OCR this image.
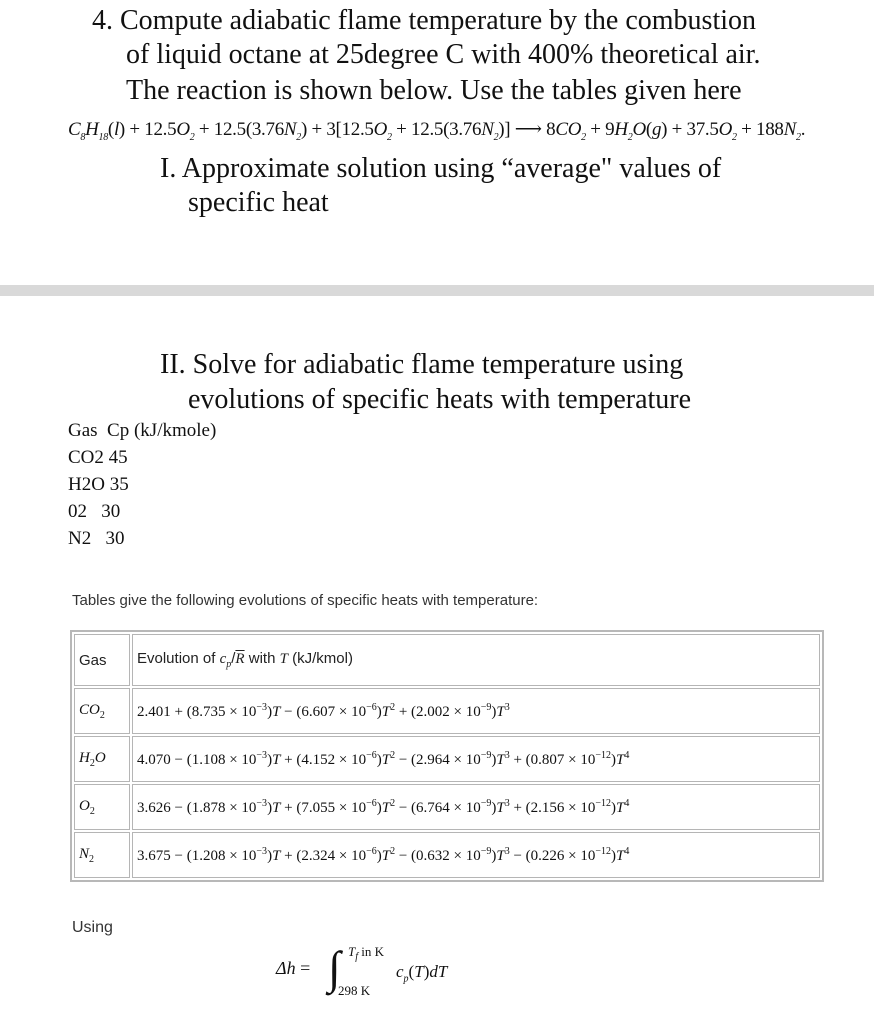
4. Compute adiabatic flame temperature by the combustion
of liquid octane at 25degree C with 400% theoretical air.
The reaction is shown below. Use the tables given here
$C_8H_{18}(l) + 12.5O_2 + 12.5(3.76N_2) + 3[12.5O_2 + 12.5(3.76N_2)]$ ⟶ $8CO_2 + 9H_2O(g) + 37.5O_2 + 188N_2$.
I. Approximate solution using “average" values of
specific heat
II. Solve for adiabatic flame temperature using
evolutions of specific heats with temperature
Gas  Cp (kJ/kmole)
CO2 45
H2O 35
02   30
N2   30
Tables give the following evolutions of specific heats with temperature:
Gas	Evolution of $c_p/\overline{R}$ with T (kJ/kmol)
$CO_2$	$2.401 + (8.735 \times 10^{-3})T - (6.607 \times 10^{-6})T^2 + (2.002 \times 10^{-9})T^3$
$H_2O$	$4.070 - (1.108 \times 10^{-3})T + (4.152 \times 10^{-6})T^2 - (2.964 \times 10^{-9})T^3 + (0.807 \times 10^{-12})T^4$
$O_2$	$3.626 - (1.878 \times 10^{-3})T + (7.055 \times 10^{-6})T^2 - (6.764 \times 10^{-9})T^3 + (2.156 \times 10^{-12})T^4$
$N_2$	$3.675 - (1.208 \times 10^{-3})T + (2.324 \times 10^{-6})T^2 - (0.632 \times 10^{-9})T^3 - (0.226 \times 10^{-12})T^4$
Using
Δh = ∫ $T_f$ in K
298 K
$c_p(T)dT$
